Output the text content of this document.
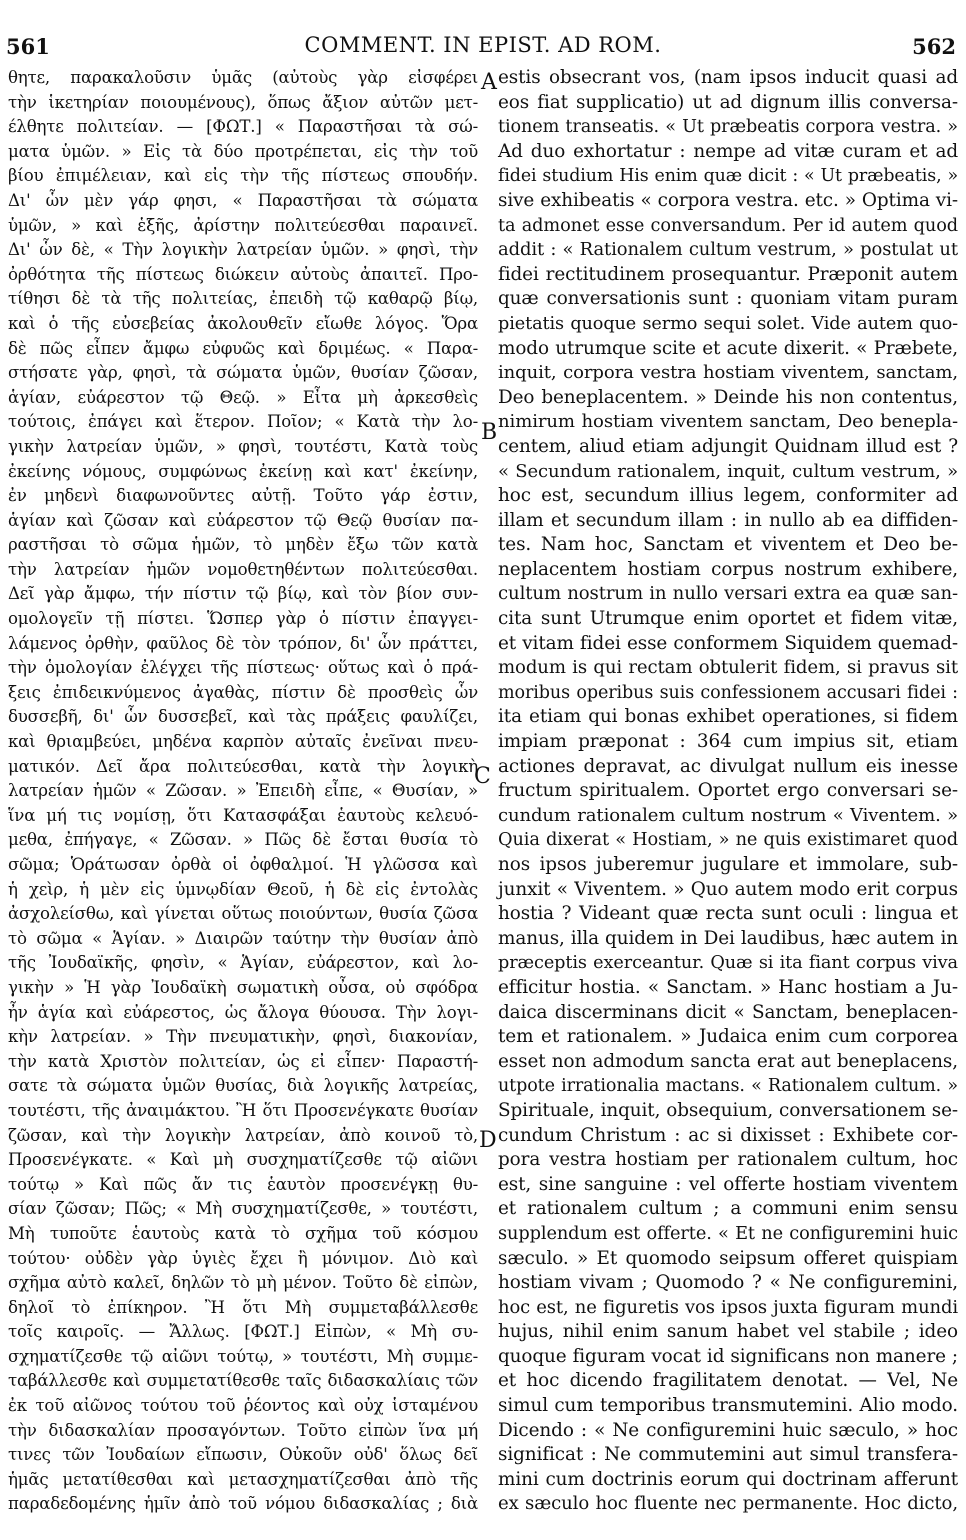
561	COMMENT. IN EPIST. AD ROM.	562
θητε, παρακαλοῦσιν ὑμᾶς (αὐτοὺς γὰρ εἰσφέρει
τὴν ἱκετηρίαν ποιουμένους), ὅπως ἄξιον αὐτῶν μετ-
έλθητε πολιτείαν. — [ΦΩΤ.] « Παραστῆσαι τὰ σώ-
ματα ὑμῶν. » Εἰς τὰ δύο προτρέπεται, εἰς τὴν τοῦ
βίου ἐπιμέλειαν, καὶ εἰς τὴν τῆς πίστεως σπουδήν.
Δι' ὧν μὲν γάρ φησι, « Παραστῆσαι τὰ σώματα
ὑμῶν, » καὶ ἑξῆς, ἀρίστην πολιτεύεσθαι παραινεῖ.
Δι' ὧν δὲ, « Τὴν λογικὴν λατρείαν ὑμῶν. » φησὶ, τὴν
ὀρθότητα τῆς πίστεως διώκειν αὐτοὺς ἀπαιτεῖ. Προ-
τίθησι δὲ τὰ τῆς πολιτείας, ἐπειδὴ τῷ καθαρῷ βίῳ,
καὶ ὁ τῆς εὐσεβείας ἀκολουθεῖν εἴωθε λόγος. Ὅρα
δὲ πῶς εἶπεν ἄμφω εὐφυῶς καὶ δριμέως. « Παρα-
στήσατε γὰρ, φησὶ, τὰ σώματα ὑμῶν, θυσίαν ζῶσαν,
ἁγίαν, εὐάρεστον τῷ Θεῷ. » Εἶτα μὴ ἀρκεσθεὶς
τούτοις, ἐπάγει καὶ ἕτερον. Ποῖον; « Κατὰ τὴν λο-
γικὴν λατρείαν ὑμῶν, » φησὶ, τουτέστι, Κατὰ τοὺς
ἐκείνης νόμους, συμφώνως ἐκείνῃ καὶ κατ' ἐκείνην,
ἐν μηδενὶ διαφωνοῦντες αὐτῇ. Τοῦτο γάρ ἐστιν,
ἁγίαν καὶ ζῶσαν καὶ εὐάρεστον τῷ Θεῷ θυσίαν πα-
ραστῆσαι τὸ σῶμα ἡμῶν, τὸ μηδὲν ἔξω τῶν κατὰ
τὴν λατρείαν ἡμῶν νομοθετηθέντων πολιτεύεσθαι.
Δεῖ γὰρ ἄμφω, τήν πίστιν τῷ βίῳ, καὶ τὸν βίον συν-
ομολογεῖν τῇ πίστει. Ὥσπερ γὰρ ὁ πίστιν ἐπαγγει-
λάμενος ὀρθὴν, φαῦλος δὲ τὸν τρόπον, δι' ὧν πράττει,
τὴν ὁμολογίαν ἐλέγχει τῆς πίστεως· οὕτως καὶ ὁ πρά-
ξεις ἐπιδεικνύμενος ἀγαθὰς, πίστιν δὲ προσθεὶς ὧν
δυσσεβῆ, δι' ὧν δυσσεβεῖ, καὶ τὰς πράξεις φαυλίζει,
καὶ θριαμβεύει, μηδένα καρπὸν αὐταῖς ἐνεῖναι πνευ-
ματικόν. Δεῖ ἄρα πολιτεύεσθαι, κατὰ τὴν λογικὴ
λατρείαν ἡμῶν « Ζῶσαν. » Ἐπειδὴ εἶπε, « Θυσίαν, »
ἵνα μή τις νομίσῃ, ὅτι Κατασφάξαι ἑαυτοὺς κελευό-
μεθα, ἐπήγαγε, « Ζῶσαν. » Πῶς δὲ ἔσται θυσία τὸ
σῶμα; Ὁράτωσαν ὀρθὰ οἱ ὀφθαλμοί. Ἡ γλῶσσα καὶ
ἡ χεὶρ, ἡ μὲν εἰς ὑμνῳδίαν Θεοῦ, ἡ δὲ εἰς ἐντολὰς
ἀσχολείσθω, καὶ γίνεται οὕτως ποιούντων, θυσία ζῶσα
τὸ σῶμα « Ἁγίαν. » Διαιρῶν ταύτην τὴν θυσίαν ἀπὸ
τῆς Ἰουδαϊκῆς, φησὶν, « Ἁγίαν, εὐάρεστον, καὶ λο-
γικὴν » Ἡ γὰρ Ἰουδαϊκὴ σωματικὴ οὖσα, οὐ σφόδρα
ἦν ἁγία καὶ εὐάρεστος, ὡς ἄλογα θύουσα. Τὴν λογι-
κὴν λατρείαν. » Τὴν πνευματικὴν, φησὶ, διακονίαν,
τὴν κατὰ Χριστὸν πολιτείαν, ὡς εἰ εἶπεν· Παραστή-
σατε τὰ σώματα ὑμῶν θυσίας, διὰ λογικῆς λατρείας,
τουτέστι, τῆς ἀναιμάκτου. Ἢ ὅτι Προσενέγκατε θυσίαν
ζῶσαν, καὶ τὴν λογικὴν λατρείαν, ἀπὸ κοινοῦ τὸ,
Προσενέγκατε. « Καὶ μὴ συσχηματίζεσθε τῷ αἰῶνι
τούτῳ » Καὶ πῶς ἄν τις ἑαυτὸν προσενέγκῃ θυ-
σίαν ζῶσαν; Πῶς; « Μὴ συσχηματίζεσθε, » τουτέστι,
Μὴ τυποῦτε ἑαυτοὺς κατὰ τὸ σχῆμα τοῦ κόσμου
τούτου· οὐδὲν γὰρ ὑγιὲς ἔχει ἢ μόνιμον. Διὸ καὶ
σχῆμα αὐτὸ καλεῖ, δηλῶν τὸ μὴ μένον. Τοῦτο δὲ εἰπὼν,
δηλοῖ τὸ ἐπίκηρον. Ἢ ὅτι Μὴ συμμεταβάλλεσθε
τοῖς καιροῖς. — Ἄλλως. [ΦΩΤ.] Εἰπὼν, « Μὴ συ-
σχηματίζεσθε τῷ αἰῶνι τούτῳ, » τουτέστι, Μὴ συμμε-
ταβάλλεσθε καὶ συμμετατίθεσθε ταῖς διδασκαλίαις τῶν
ἐκ τοῦ αἰῶνος τούτου τοῦ ῥέοντος καὶ οὐχ ἱσταμένου
τὴν διδασκαλίαν προσαγόντων. Τοῦτο εἰπὼν ἵνα μή
τινες τῶν Ἰουδαίων εἴπωσιν, Οὐκοῦν οὐδ' ὅλως δεῖ
ἡμᾶς μετατίθεσθαι καὶ μετασχηματίζεσθαι ἀπὸ τῆς
παραδεδομένης ἡμῖν ἀπὸ τοῦ νόμου διδασκαλίας ; διὰ
estis obsecrant vos, (nam ipsos inducit quasi ad
eos fiat supplicatio) ut ad dignum illis conversa-
tionem transeatis. « Ut præbeatis corpora vestra. »
Ad duo exhortatur : nempe ad vitæ curam et ad
fidei studium His enim quæ dicit : « Ut præbeatis, »
sive exhibeatis « corpora vestra. etc. » Optima vi-
ta admonet esse conversandum. Per id autem quod
addit : « Rationalem cultum vestrum, » postulat ut
fidei rectitudinem prosequantur. Præponit autem
quæ conversationis sunt : quoniam vitam puram
pietatis quoque sermo sequi solet. Vide autem quo-
modo utrumque scite et acute dixerit. « Præbete,
inquit, corpora vestra hostiam viventem, sanctam,
Deo beneplacentem. » Deinde his non contentus,
nimirum hostiam viventem sanctam, Deo benepla-
centem, aliud etiam adjungit Quidnam illud est ?
« Secundum rationalem, inquit, cultum vestrum, »
hoc est, secundum illius legem, conformiter ad
illam et secundum illam : in nullo ab ea diffiden-
tes. Nam hoc, Sanctam et viventem et Deo be-
neplacentem hostiam corpus nostrum exhibere,
cultum nostrum in nullo versari extra ea quæ san-
cita sunt Utrumque enim oportet et fidem vitæ,
et vitam fidei esse conformem Siquidem quemad-
modum is qui rectam obtulerit fidem, si pravus sit
moribus operibus suis confessionem accusari fidei :
ita etiam qui bonas exhibet operationes, si fidem
impiam præponat : 364 cum impius sit, etiam
actiones depravat, ac divulgat nullum eis inesse
fructum spiritualem. Oportet ergo conversari se-
cundum rationalem cultum nostrum « Viventem. »
Quia dixerat « Hostiam, » ne quis existimaret quod
nos ipsos juberemur jugulare et immolare, sub-
junxit « Viventem. » Quo autem modo erit corpus
hostia ? Videant quæ recta sunt oculi : lingua et
manus, illa quidem in Dei laudibus, hæc autem in
præceptis exerceantur. Quæ si ita fiant corpus viva
efficitur hostia. « Sanctam. » Hanc hostiam a Ju-
daica discerminans dicit « Sanctam, beneplacen-
tem et rationalem. » Judaica enim cum corporea
esset non admodum sancta erat aut beneplacens,
utpote irrationalia mactans. « Rationalem cultum. »
Spirituale, inquit, obsequium, conversationem se-
cundum Christum : ac si dixisset : Exhibete cor-
pora vestra hostiam per rationalem cultum, hoc
est, sine sanguine : vel offerte hostiam viventem
et rationalem cultum ; a communi enim sensu
supplendum est offerte. « Et ne configuremini huic
sæculo. » Et quomodo seipsum offeret quispiam
hostiam vivam ; Quomodo ? « Ne configuremini,
hoc est, ne figuretis vos ipsos juxta figuram mundi
hujus, nihil enim sanum habet vel stabile ; ideo
quoque figuram vocat id significans non manere ;
et hoc dicendo fragilitatem denotat. — Vel, Ne
simul cum temporibus transmutemini. Alio modo.
Dicendo : « Ne configuremini huic sæculo, » hoc
significat : Ne commutemini aut simul transfera-
mini cum doctrinis eorum qui doctrinam afferunt
ex sæculo hoc fluente nec permanente. Hoc dicto,
A
B
C
D
